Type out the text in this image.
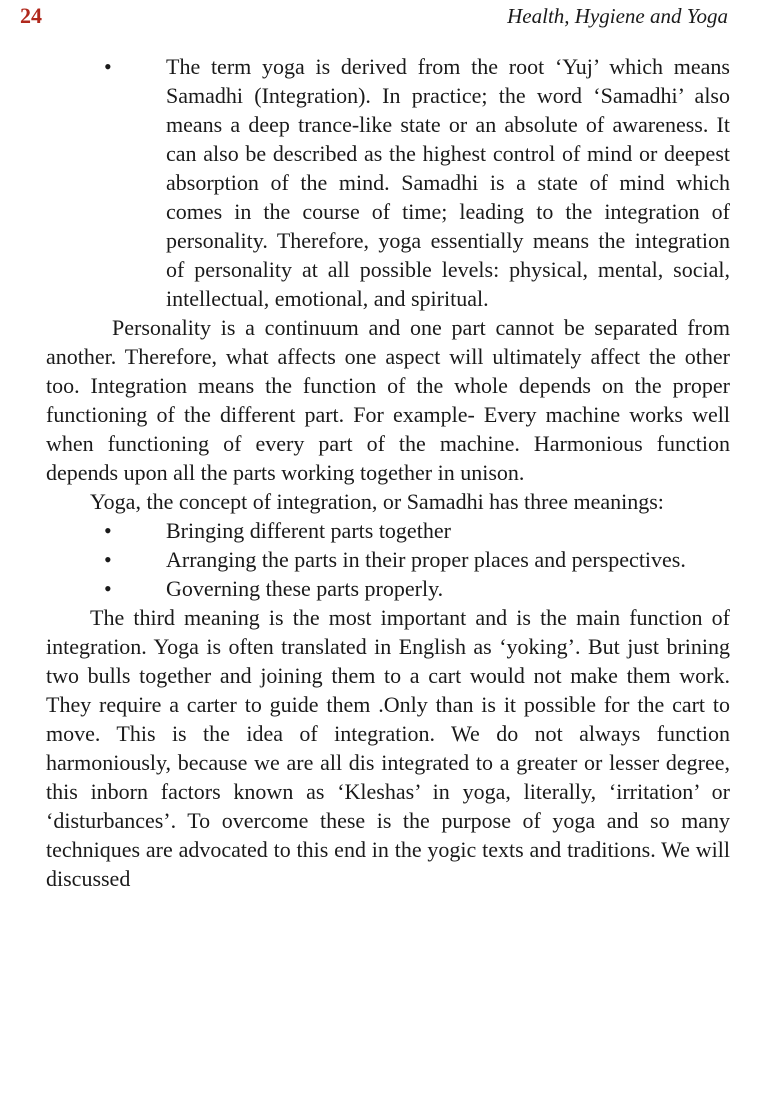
24	Health, Hygiene and Yoga
•	The term yoga is derived from the root ‘Yuj’ which means Samadhi (Integration). In practice; the word ‘Samadhi’ also means a deep trance-like state or an absolute of awareness. It can also be described as the highest control of mind or deepest absorption of the mind. Samadhi is a state of mind which comes in the course of time; leading to the integration of personality. Therefore, yoga essentially means the integration of personality at all possible levels: physical, mental, social, intellectual, emotional, and spiritual.

Personality is a continuum and one part cannot be separated from another. Therefore, what affects one aspect will ultimately affect the other too. Integration means the function of the whole depends on the proper functioning of the different part. For example- Every machine works well when functioning of every part of the machine. Harmonious function depends upon all the parts working together in unison.

Yoga, the concept of integration, or Samadhi has three meanings:

•	Bringing different parts together
•	Arranging the parts in their proper places and perspectives.
•	Governing these parts properly.

The third meaning is the most important and is the main function of integration. Yoga is often translated in English as ‘yoking’. But just brining two bulls together and joining them to a cart would not make them work. They require a carter to guide them .Only than is it possible for the cart to move. This is the idea of integration. We do not always function harmoniously, because we are all dis integrated to a greater or lesser degree, this inborn factors known as ‘Kleshas’ in yoga, literally, ‘irritation’ or ‘disturbances’. To overcome these is the purpose of yoga and so many techniques are advocated to this end in the yogic texts and traditions. We will discussed
